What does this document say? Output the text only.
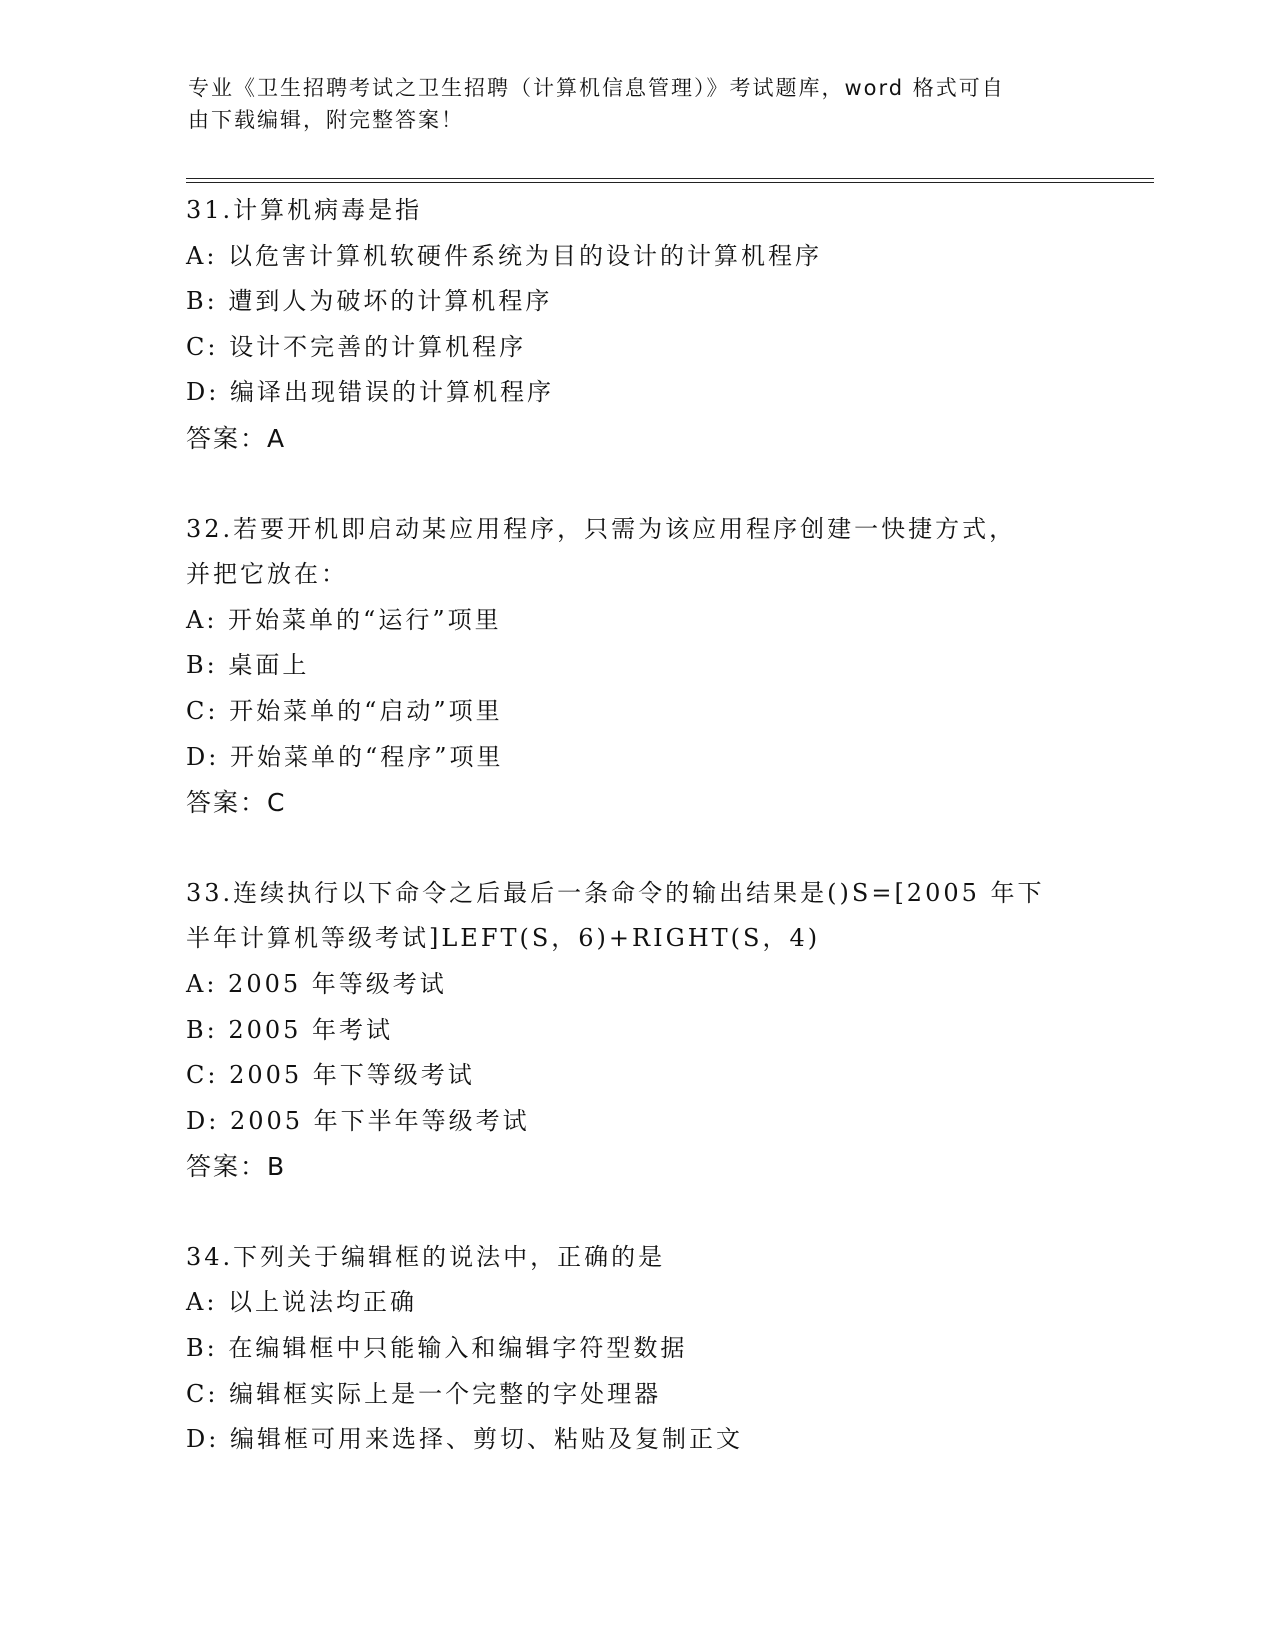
专业《卫生招聘考试之卫生招聘（计算机信息管理）》考试题库，word 格式可自
由下载编辑，附完整答案！
31.计算机病毒是指
A: 以危害计算机软硬件系统为目的设计的计算机程序
B: 遭到人为破坏的计算机程序
C: 设计不完善的计算机程序
D: 编译出现错误的计算机程序
答案：A
32.若要开机即启动某应用程序，只需为该应用程序创建一快捷方式，
并把它放在：
A: 开始菜单的“运行”项里
B: 桌面上
C: 开始菜单的“启动”项里
D: 开始菜单的“程序”项里
答案：C
33.连续执行以下命令之后最后一条命令的输出结果是()S=[2005 年下
半年计算机等级考试]LEFT(S，6)+RIGHT(S，4)
A: 2005 年等级考试
B: 2005 年考试
C: 2005 年下等级考试
D: 2005 年下半年等级考试
答案：B
34.下列关于编辑框的说法中，正确的是
A: 以上说法均正确
B: 在编辑框中只能输入和编辑字符型数据
C: 编辑框实际上是一个完整的字处理器
D: 编辑框可用来选择、剪切、粘贴及复制正文
